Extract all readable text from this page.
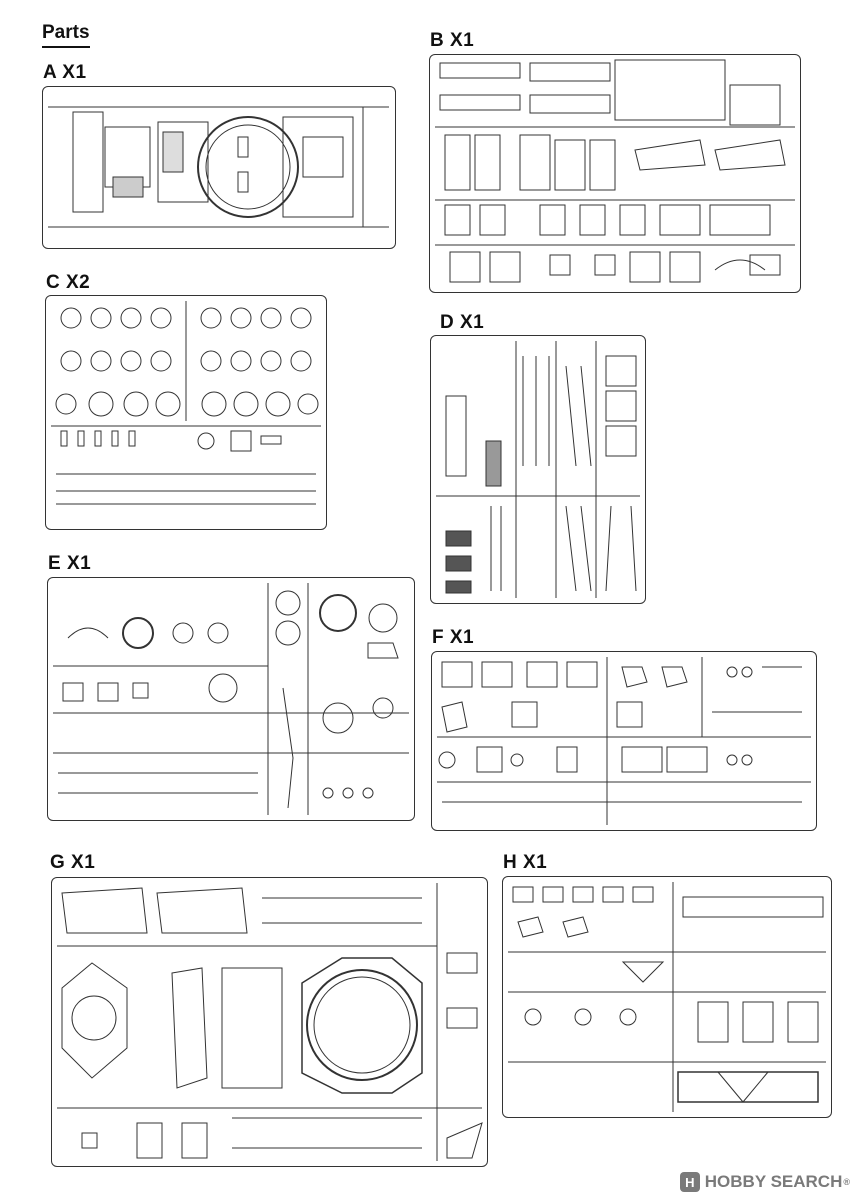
Parts
A X1
B X1
C X2
D X1
E X1
F X1
G X1	H X1
H HOBBY SEARCH ®
